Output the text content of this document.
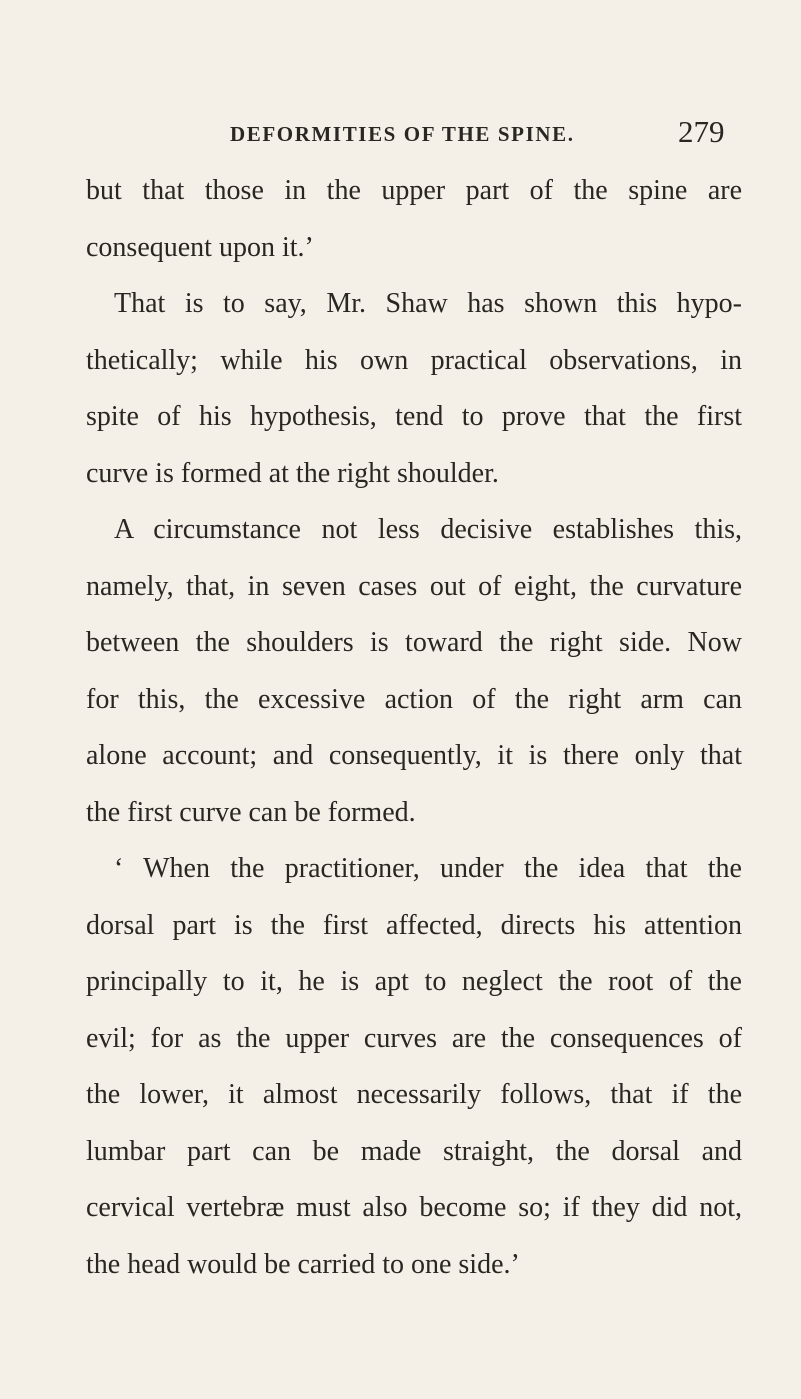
DEFORMITIES OF THE SPINE.	279
but that those in the upper part of the spine are
consequent upon it.’
That is to say, Mr. Shaw has shown this hypo-
thetically; while his own practical observations, in
spite of his hypothesis, tend to prove that the first
curve is formed at the right shoulder.
A circumstance not less decisive establishes this,
namely, that, in seven cases out of eight, the curvature
between the shoulders is toward the right side. Now
for this, the excessive action of the right arm can
alone account; and consequently, it is there only that
the first curve can be formed.
‘ When the practitioner, under the idea that the
dorsal part is the first affected, directs his attention
principally to it, he is apt to neglect the root of the
evil; for as the upper curves are the consequences of
the lower, it almost necessarily follows, that if the
lumbar part can be made straight, the dorsal and
cervical vertebræ must also become so; if they did not,
the head would be carried to one side.’
